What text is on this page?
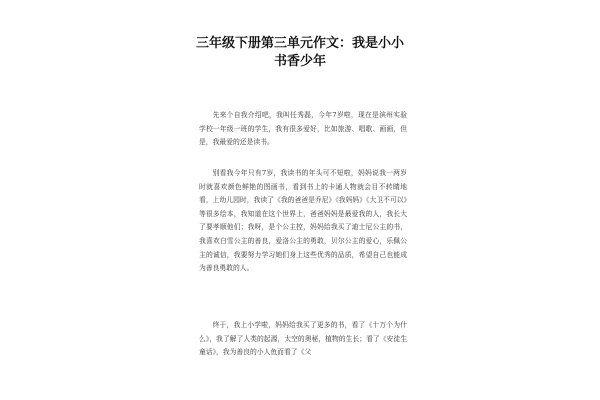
三年级下册第三单元作文：我是小小书香少年

先来个自我介绍吧，我叫任秀磊，今年7岁啦，现在是滨州实验学校一年级一班的学生，我有很多爱好，比如旅游、唱歌、画画，但是，我最爱的还是读书。

别看我今年只有7岁，我读书的年头可不短啦，妈妈说我一两岁时就喜欢颜色鲜艳的图画书，看到书上的卡通人物就会目不转睛地看，上幼儿园时，我读了《我的爸爸是乔尼》《我妈妈》《大卫不可以》等很多绘本，我知道在这个世界上，爸爸妈妈是最爱我的人，我长大了要孝顺他们；我呀，是个公主控，妈妈给我买了迪士尼公主的书，我喜欢白雪公主的善良，爱洛公主的勇敢，贝尔公主的爱心，乐佩公主的诚信，我要努力学习她们身上这些优秀的品质，希望自己也能成为善良勇敢的人。

终于，我上小学啦，妈妈给我买了更多的书，看了《十万个为什么》，我了解了人类的起源，太空的奥秘，植物的生长；看了《安徒生童话》，我为善良的小人鱼而看了《父
